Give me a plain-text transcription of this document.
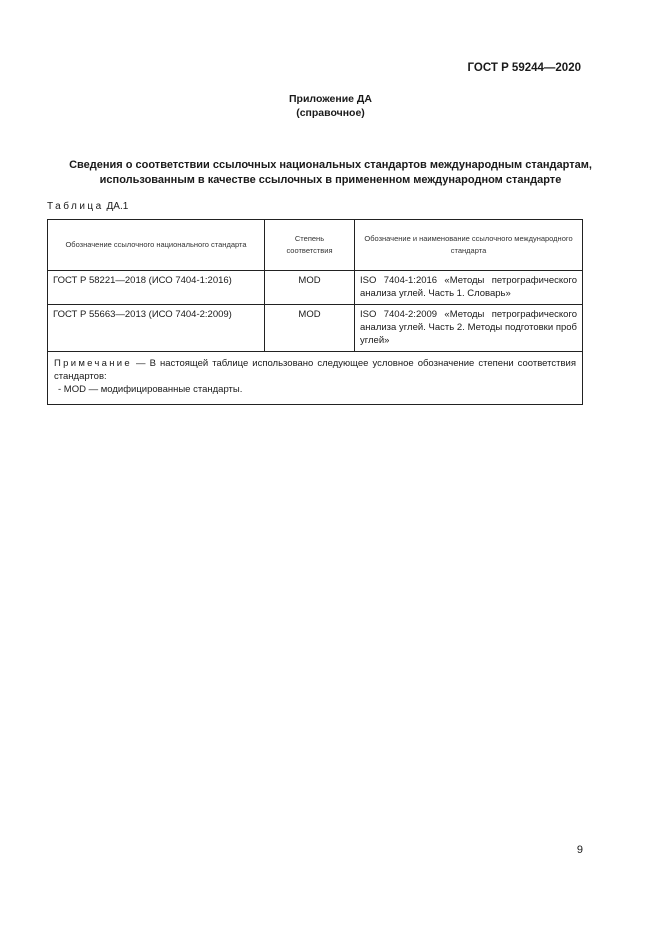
ГОСТ Р 59244—2020
Приложение ДА
(справочное)
Сведения о соответствии ссылочных национальных стандартов международным стандартам,
использованным в качестве ссылочных в примененном международном стандарте
Таблица ДА.1
Обозначение ссылочного национального стандарта	Степень соответствия	Обозначение и наименование ссылочного международного стандарта
ГОСТ Р 58221—2018 (ИСО 7404-1:2016)	MOD	ISO 7404-1:2016 «Методы петрографического анализа углей. Часть 1. Словарь»
ГОСТ Р 55663—2013 (ИСО 7404-2:2009)	MOD	ISO 7404-2:2009 «Методы петрографического анализа углей. Часть 2. Методы подготовки проб углей»

Примечание — В настоящей таблице использовано следующее условное обозначение степени соответствия стандартов:
- MOD — модифицированные стандарты.		
9
